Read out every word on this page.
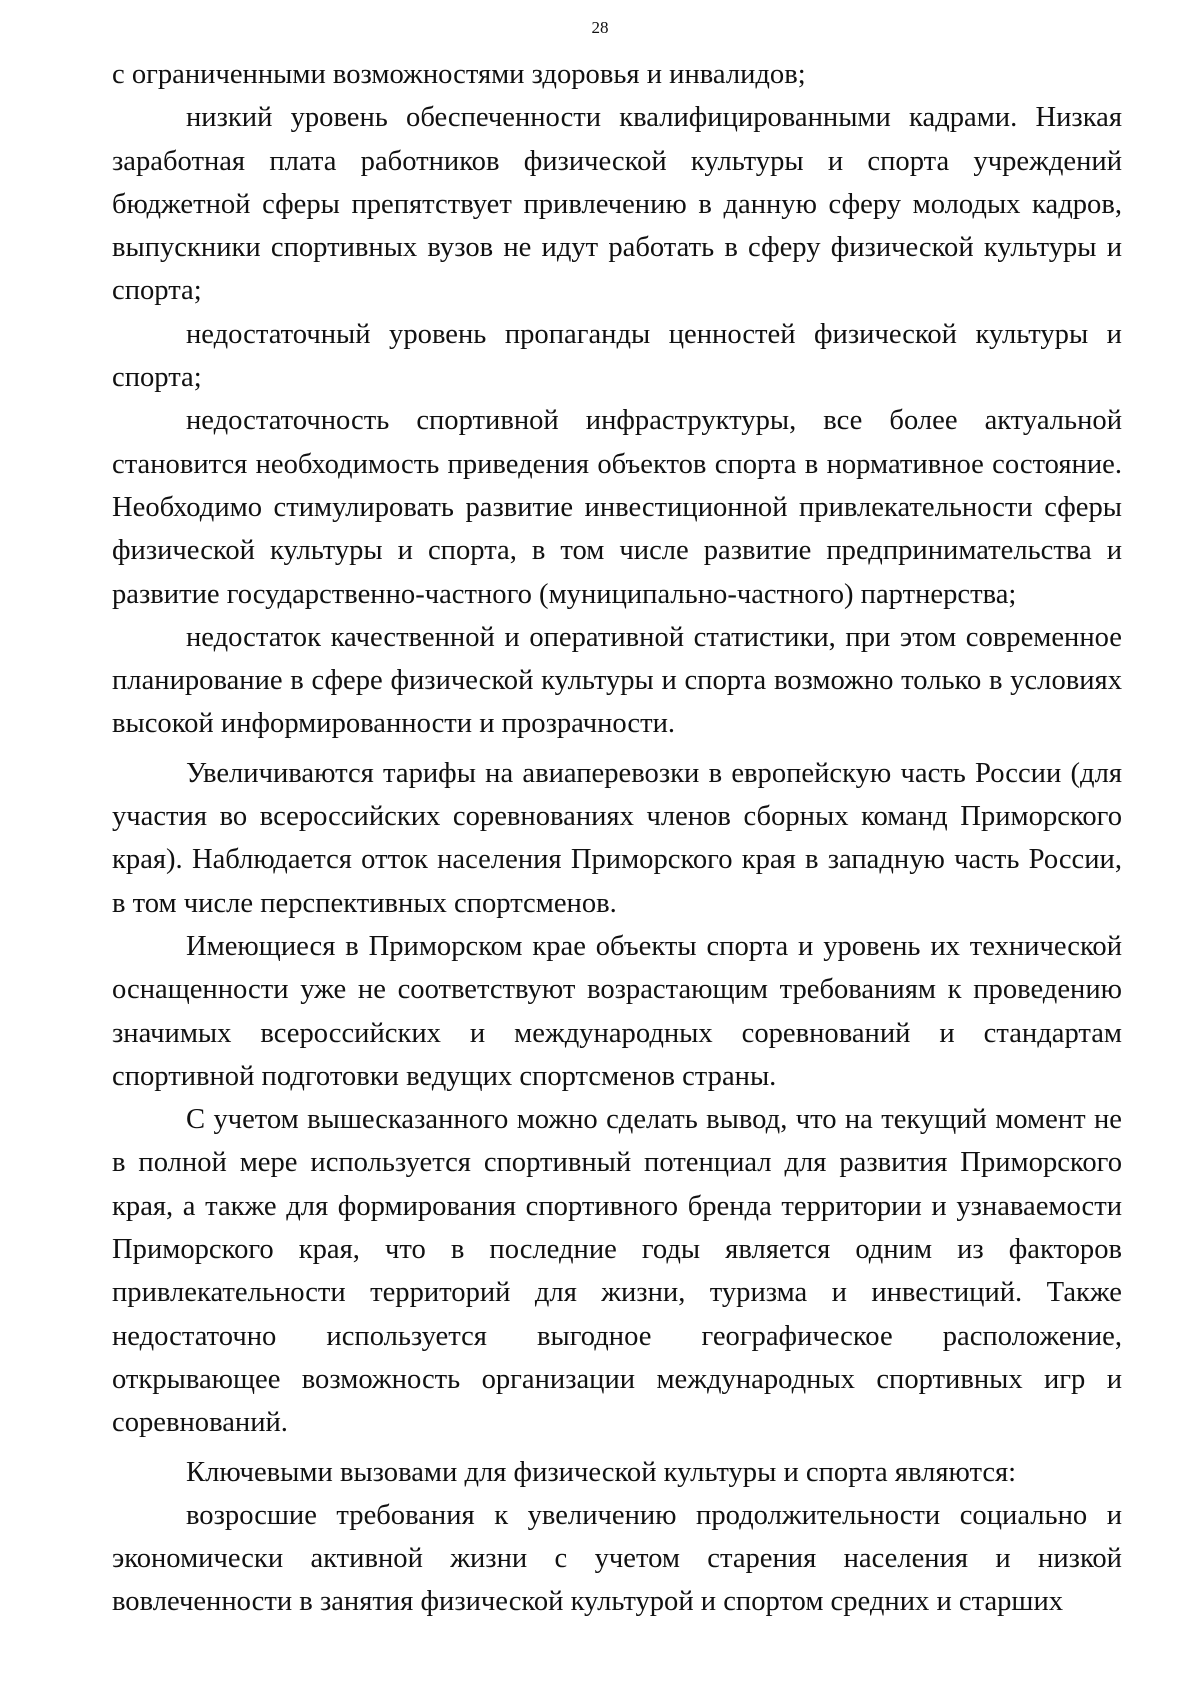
28

с ограниченными возможностями здоровья и инвалидов;

низкий уровень обеспеченности квалифицированными кадрами. Низкая заработная плата работников физической культуры и спорта учреждений бюджетной сферы препятствует привлечению в данную сферу молодых кадров, выпускники спортивных вузов не идут работать в сферу физической культуры и спорта;

недостаточный уровень пропаганды ценностей физической культуры и спорта;

недостаточность спортивной инфраструктуры, все более актуальной становится необходимость приведения объектов спорта в нормативное состояние. Необходимо стимулировать развитие инвестиционной привлекательности сферы физической культуры и спорта, в том числе развитие предпринимательства и развитие государственно-частного (муниципально-частного) партнерства;

недостаток качественной и оперативной статистики, при этом современное планирование в сфере физической культуры и спорта возможно только в условиях высокой информированности и прозрачности.

Увеличиваются тарифы на авиаперевозки в европейскую часть России (для участия во всероссийских соревнованиях членов сборных команд Приморского края). Наблюдается отток населения Приморского края в западную часть России, в том числе перспективных спортсменов.

Имеющиеся в Приморском крае объекты спорта и уровень их технической оснащенности уже не соответствуют возрастающим требованиям к проведению значимых всероссийских и международных соревнований и стандартам спортивной подготовки ведущих спортсменов страны.

С учетом вышесказанного можно сделать вывод, что на текущий момент не в полной мере используется спортивный потенциал для развития Приморского края, а также для формирования спортивного бренда территории и узнаваемости Приморского края, что в последние годы является одним из факторов привлекательности территорий для жизни, туризма и инвестиций. Также недостаточно используется выгодное географическое расположение, открывающее возможность организации международных спортивных игр и соревнований.

Ключевыми вызовами для физической культуры и спорта являются:

возросшие требования к увеличению продолжительности социально и экономически активной жизни с учетом старения населения и низкой вовлеченности в занятия физической культурой и спортом средних и старших
